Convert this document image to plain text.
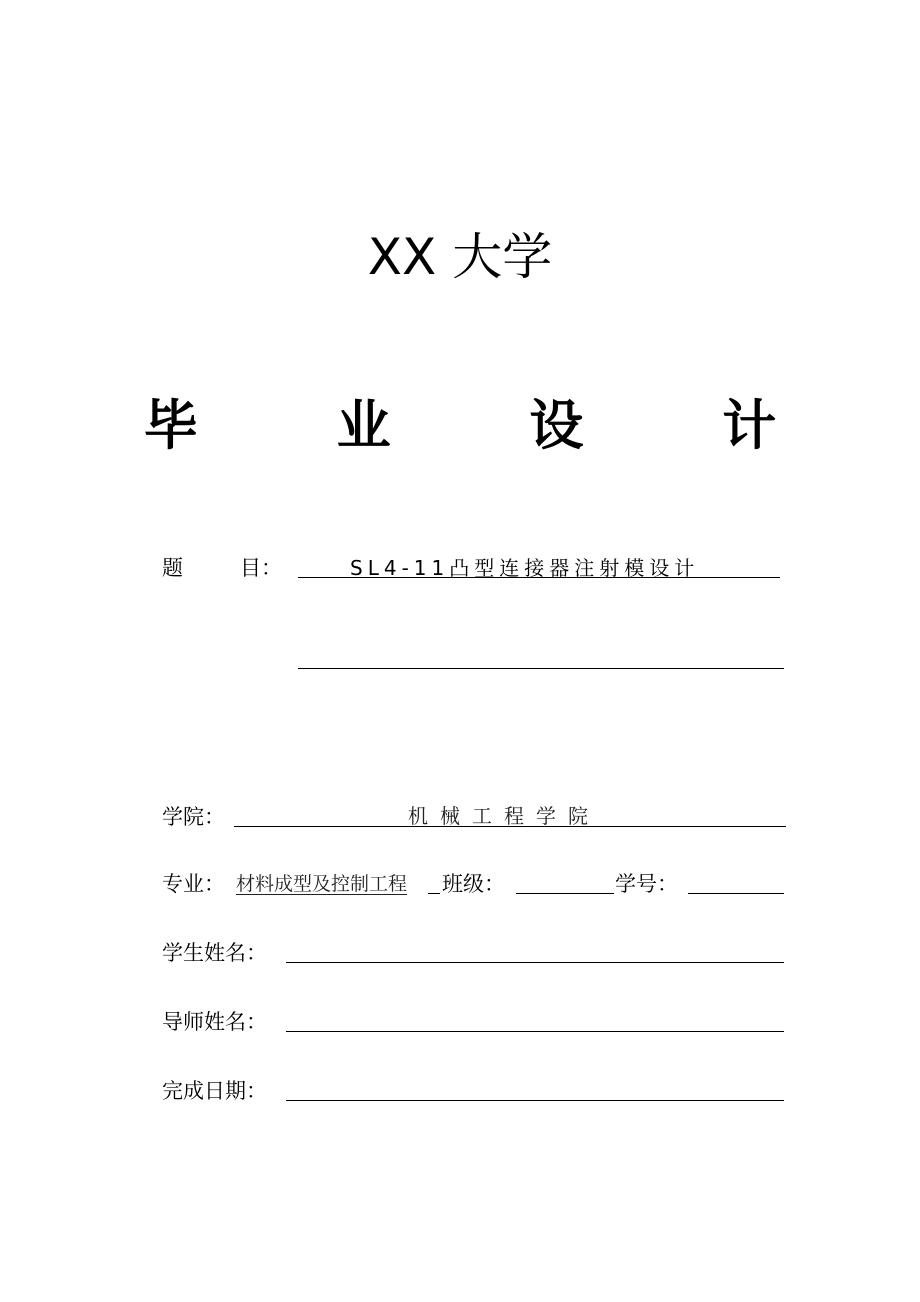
XX 大学
毕 业 设 计
题	目：	SL4-11凸型连接器注射模设计
学院：	机械工程学院
专业： 材料成型及控制工程 班级：	学号：
学生姓名：
导师姓名：
完成日期：
